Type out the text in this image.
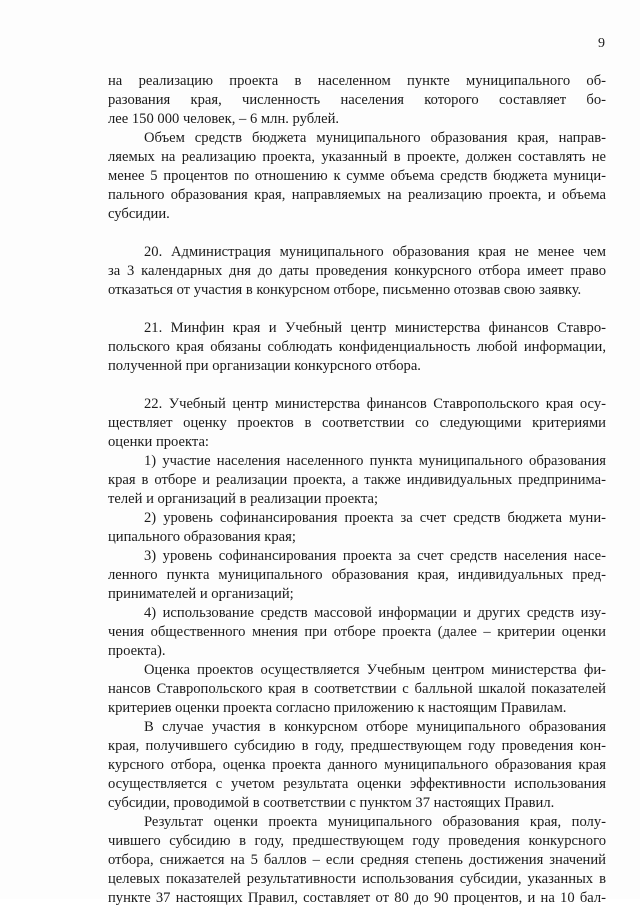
9
на реализацию проекта в населенном пункте муниципального об-
разования края, численность населения которого составляет бо-
лее 150 000 человек, – 6 млн. рублей.
Объем средств бюджета муниципального образования края, направ-
ляемых на реализацию проекта, указанный в проекте, должен составлять не
менее 5 процентов по отношению к сумме объема средств бюджета муници-
пального образования края, направляемых на реализацию проекта, и объема
субсидии.
20. Администрация муниципального образования края не менее чем
за 3 календарных дня до даты проведения конкурсного отбора имеет право
отказаться от участия в конкурсном отборе, письменно отозвав свою заявку.
21. Минфин края и Учебный центр министерства финансов Ставро-
польского края обязаны соблюдать конфиденциальность любой информации,
полученной при организации конкурсного отбора.
22. Учебный центр министерства финансов Ставропольского края осу-
ществляет оценку проектов в соответствии со следующими критериями
оценки проекта:
1) участие населения населенного пункта муниципального образования
края в отборе и реализации проекта, а также индивидуальных предпринима-
телей и организаций в реализации проекта;
2) уровень софинансирования проекта за счет средств бюджета муни-
ципального образования края;
3) уровень софинансирования проекта за счет средств населения насе-
ленного пункта муниципального образования края, индивидуальных пред-
принимателей и организаций;
4) использование средств массовой информации и других средств изу-
чения общественного мнения при отборе проекта (далее – критерии оценки
проекта).
Оценка проектов осуществляется Учебным центром министерства фи-
нансов Ставропольского края в соответствии с балльной шкалой показателей
критериев оценки проекта согласно приложению к настоящим Правилам.
В случае участия в конкурсном отборе муниципального образования
края, получившего субсидию в году, предшествующем году проведения кон-
курсного отбора, оценка проекта данного муниципального образования края
осуществляется с учетом результата оценки эффективности использования
субсидии, проводимой в соответствии с пунктом 37 настоящих Правил.
Результат оценки проекта муниципального образования края, полу-
чившего субсидию в году, предшествующем году проведения конкурсного
отбора, снижается на 5 баллов – если средняя степень достижения значений
целевых показателей результативности использования субсидии, указанных в
пункте 37 настоящих Правил, составляет от 80 до 90 процентов, и на 10 бал-
